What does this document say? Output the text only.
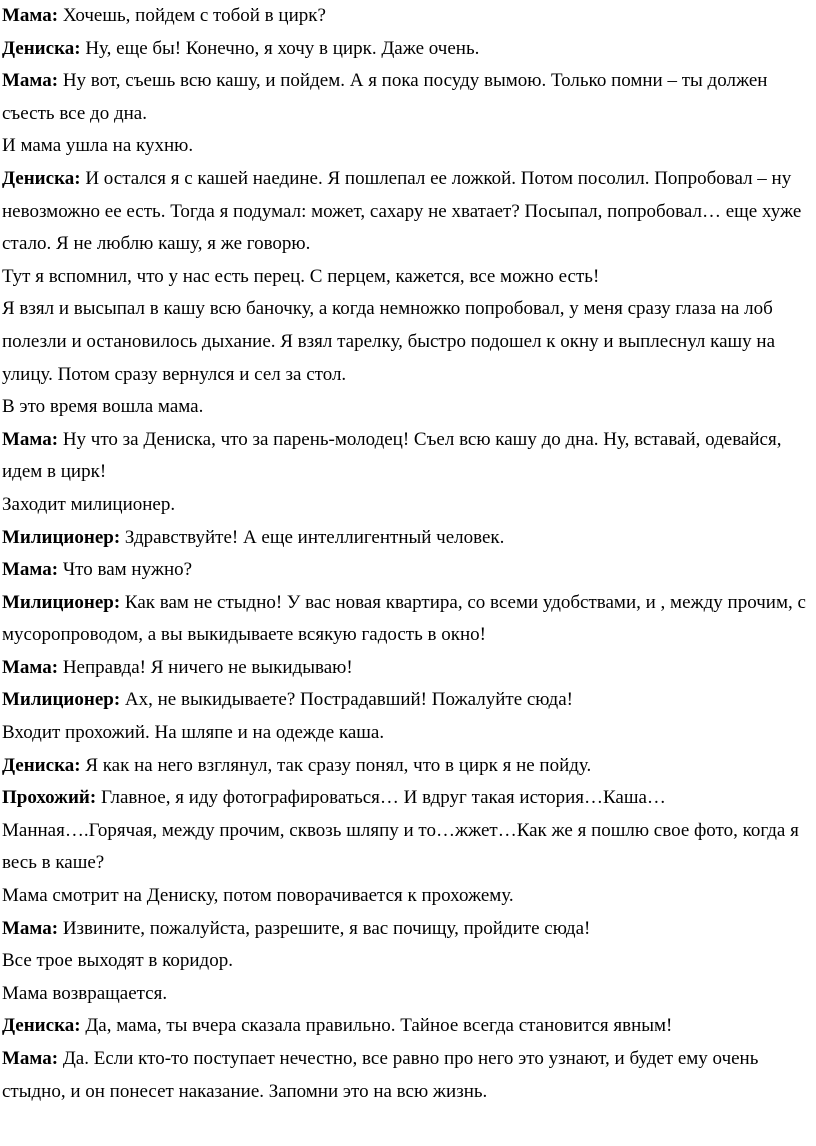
Мама: Хочешь, пойдем с тобой в цирк?

Дениска: Ну, еще бы! Конечно, я хочу в цирк. Даже очень.

Мама: Ну вот, съешь всю кашу, и пойдем. А я пока посуду вымою. Только помни – ты должен съесть все до дна.

И мама ушла на кухню.

Дениска: И остался я с кашей наедине. Я пошлепал ее ложкой. Потом посолил. Попробовал – ну невозможно ее есть. Тогда я подумал: может, сахару не хватает? Посыпал, попробовал… еще хуже стало. Я не люблю кашу, я же говорю.

Тут я вспомнил, что у нас есть перец. С перцем, кажется, все можно есть!

Я взял и высыпал в кашу всю баночку, а когда немножко попробовал, у меня сразу глаза на лоб полезли и остановилось дыхание. Я взял тарелку, быстро подошел к окну и выплеснул кашу на улицу. Потом сразу вернулся и сел за стол.

В это время вошла мама.

Мама: Ну что за Дениска, что за парень-молодец! Съел всю кашу до дна. Ну, вставай, одевайся, идем в цирк!

Заходит милиционер.

Милиционер: Здравствуйте! А еще интеллигентный человек.

Мама: Что вам нужно?

Милиционер: Как вам не стыдно! У вас новая квартира, со всеми удобствами, и , между прочим, с мусоропроводом, а вы выкидываете всякую гадость в окно!

Мама: Неправда! Я ничего не выкидываю!

Милиционер: Ах, не выкидываете? Пострадавший! Пожалуйте сюда!

Входит прохожий. На шляпе и на одежде каша.

Дениска: Я как на него взглянул, так сразу понял, что в цирк я не пойду.

Прохожий: Главное, я иду фотографироваться… И вдруг такая история…Каша…Манная….Горячая, между прочим, сквозь шляпу и то…жжет…Как же я пошлю свое фото, когда я весь в каше?

Мама смотрит на Дениску, потом поворачивается к прохожему.

Мама: Извините, пожалуйста, разрешите, я вас почищу, пройдите сюда!

Все трое выходят в коридор.

Мама возвращается.

Дениска: Да, мама, ты вчера сказала правильно. Тайное всегда становится явным!

Мама: Да. Если кто-то поступает нечестно, все равно про него это узнают, и будет ему очень стыдно, и он понесет наказание. Запомни это на всю жизнь.
